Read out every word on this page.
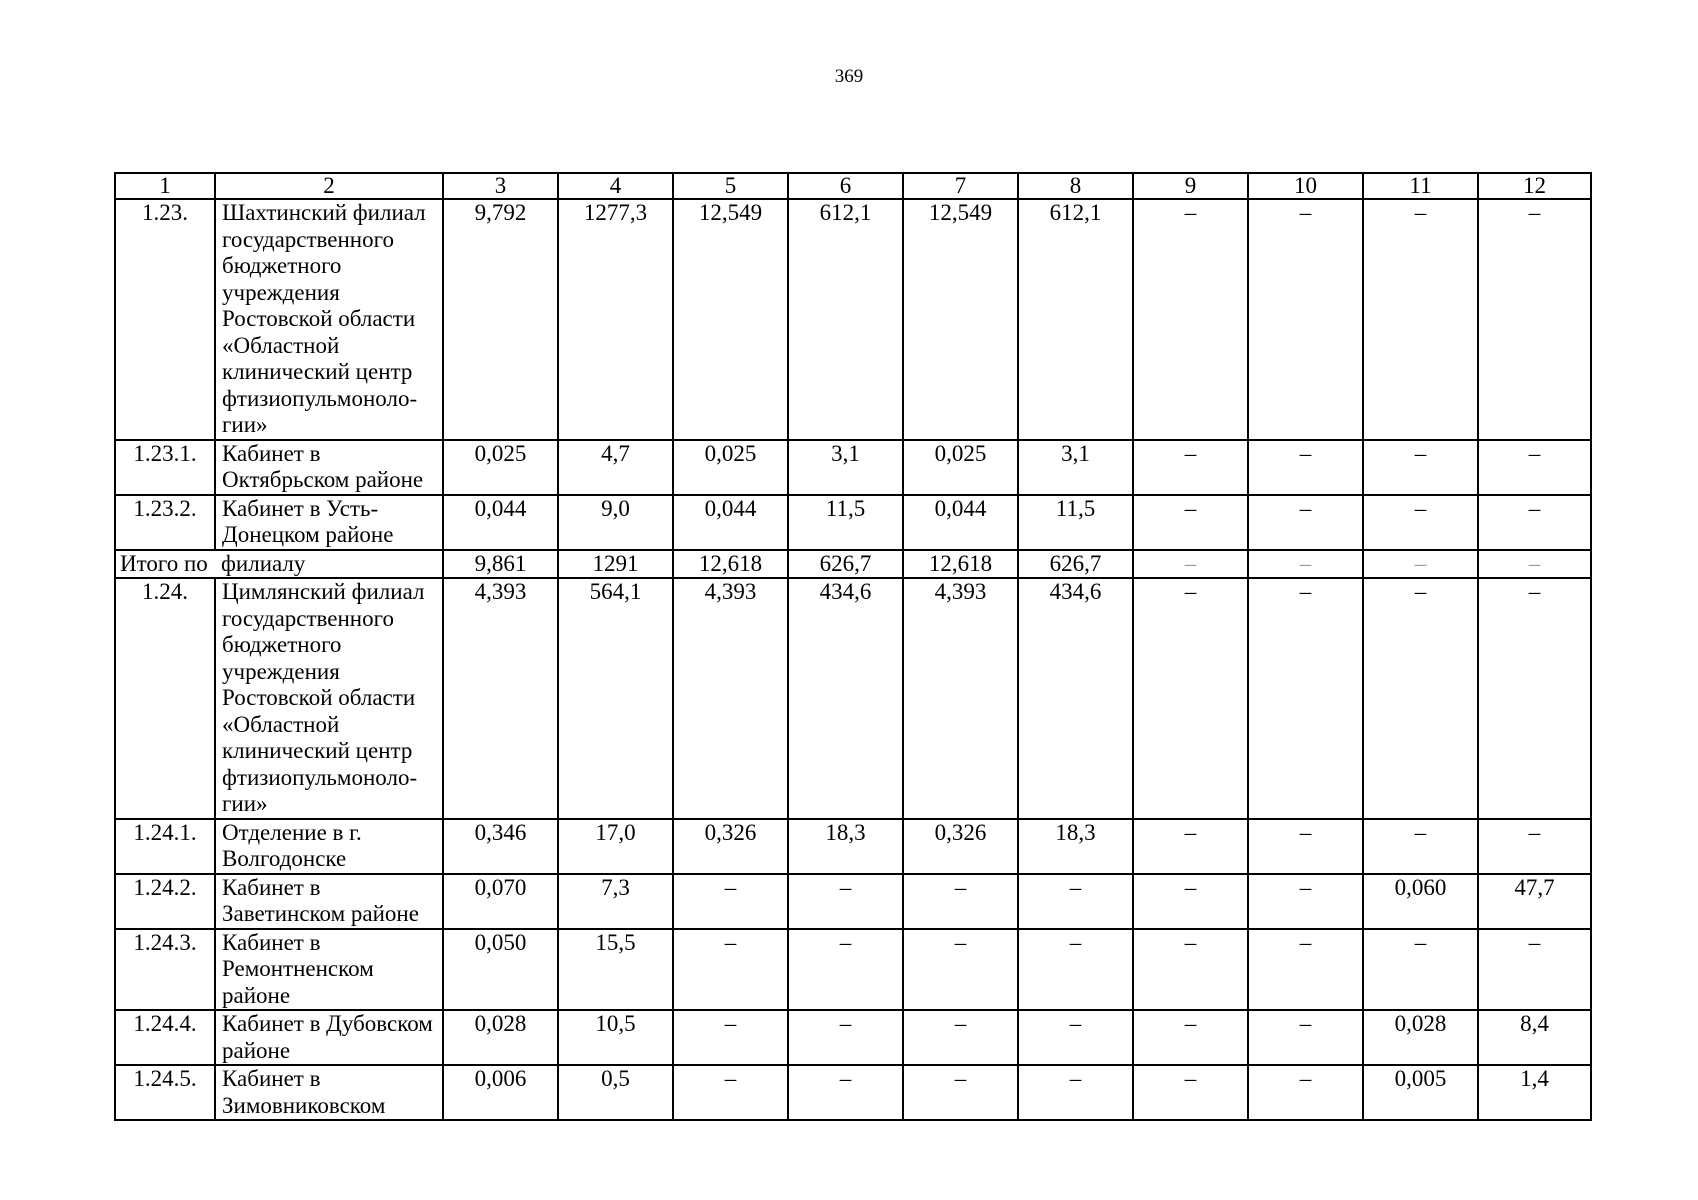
369
1	2	3	4	5	6	7	8	9	10	11	12
1.23.	Шахтинский филиал государственного бюджетного учреждения Ростовской области «Областной клинический центр фтизиопульмоноло-гии»	9,792	1277,3	12,549	612,1	12,549	612,1	–	–	–	–
1.23.1.	Кабинет в Октябрьском районе	0,025	4,7	0,025	3,1	0,025	3,1	–	–	–	–
1.23.2.	Кабинет в Усть-Донецком районе	0,044	9,0	0,044	11,5	0,044	11,5	–	–	–	–
Итого по	филиалу	9,861	1291	12,618	626,7	12,618	626,7	–	–	–	–
1.24.	Цимлянский филиал государственного бюджетного учреждения Ростовской области «Областной клинический центр фтизиопульмоноло-гии»	4,393	564,1	4,393	434,6	4,393	434,6	–	–	–	–
1.24.1.	Отделение в г. Волгодонске	0,346	17,0	0,326	18,3	0,326	18,3	–	–	–	–
1.24.2.	Кабинет в Заветинском районе	0,070	7,3	–	–	–	–	–	–	0,060	47,7
1.24.3.	Кабинет в Ремонтненском районе	0,050	15,5	–	–	–	–	–	–	–	–
1.24.4.	Кабинет в Дубовском районе	0,028	10,5	–	–	–	–	–	–	0,028	8,4
1.24.5.	Кабинет в Зимовниковском	0,006	0,5	–	–	–	–	–	–	0,005	1,4
